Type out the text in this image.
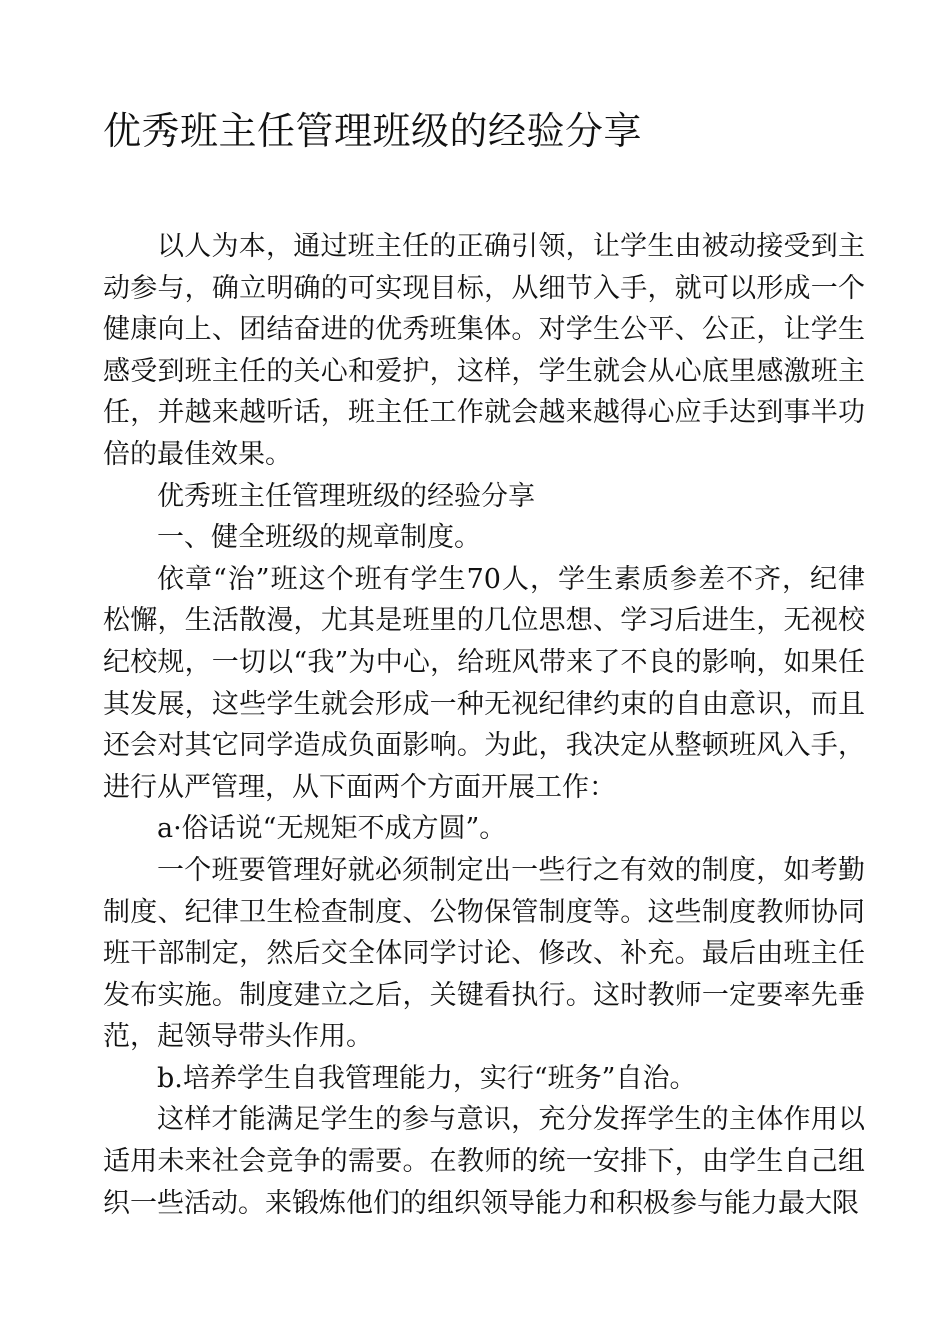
优秀班主任管理班级的经验分享

以人为本，通过班主任的正确引领，让学生由被动接受到主动参与，确立明确的可实现目标，从细节入手，就可以形成一个健康向上、团结奋进的优秀班集体。对学生公平、公正，让学生感受到班主任的关心和爱护，这样，学生就会从心底里感激班主任，并越来越听话，班主任工作就会越来越得心应手达到事半功倍的最佳效果。

优秀班主任管理班级的经验分享

一、健全班级的规章制度。

依章“治”班这个班有学生70人，学生素质参差不齐，纪律松懈，生活散漫，尤其是班里的几位思想、学习后进生，无视校纪校规，一切以“我”为中心，给班风带来了不良的影响，如果任其发展，这些学生就会形成一种无视纪律约束的自由意识，而且还会对其它同学造成负面影响。为此，我决定从整顿班风入手，进行从严管理，从下面两个方面开展工作：

a·俗话说“无规矩不成方圆”。

一个班要管理好就必须制定出一些行之有效的制度，如考勤制度、纪律卫生检查制度、公物保管制度等。这些制度教师协同班干部制定，然后交全体同学讨论、修改、补充。最后由班主任发布实施。制度建立之后，关键看执行。这时教师一定要率先垂范，起领导带头作用。

b.培养学生自我管理能力，实行“班务”自治。

这样才能满足学生的参与意识，充分发挥学生的主体作用以适用未来社会竞争的需要。在教师的统一安排下，由学生自己组织一些活动。来锻炼他们的组织领导能力和积极参与能力最大限
